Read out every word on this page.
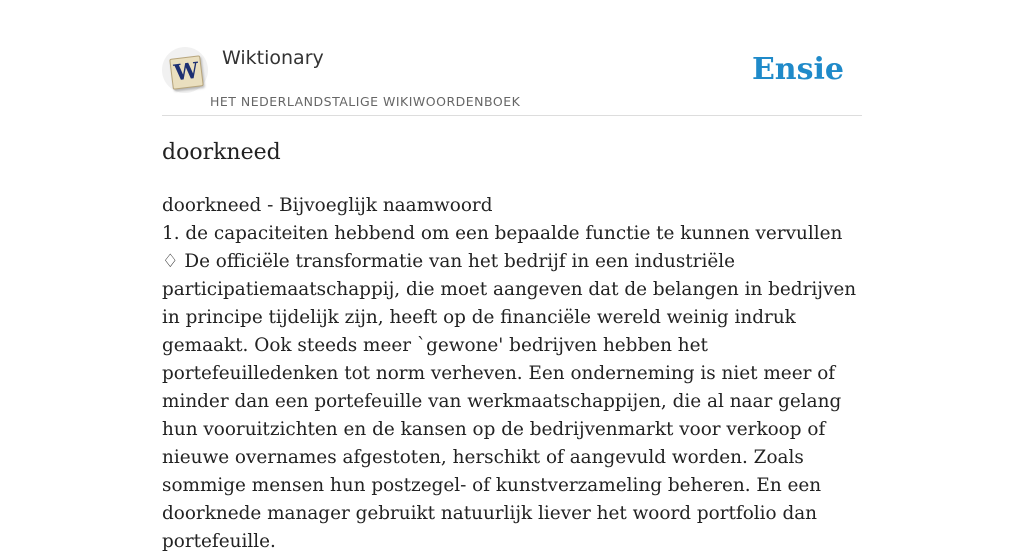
W Wiktionary
HET NEDERLANDSTALIGE WIKIWOORDENBOEK
Ensie
doorkneed

doorkneed - Bijvoeglijk naamwoord

1. de capaciteiten hebbend om een bepaalde functie te kunnen vervullen

♢ De officiële transformatie van het bedrijf in een industriële participatiemaatschappij, die moet aangeven dat de belangen in bedrijven in principe tijdelijk zijn, heeft op de financiële wereld weinig indruk gemaakt. Ook steeds meer `gewone' bedrijven hebben het portefeuilledenken tot norm verheven. Een onderneming is niet meer of minder dan een portefeuille van werkmaatschappijen, die al naar gelang hun vooruitzichten en de kansen op de bedrijvenmarkt voor verkoop of nieuwe overnames afgestoten, herschikt of aangevuld worden. Zoals sommige mensen hun postzegel- of kunstverzameling beheren. En een doorknede manager gebruikt natuurlijk liever het woord portfolio dan portefeuille.
